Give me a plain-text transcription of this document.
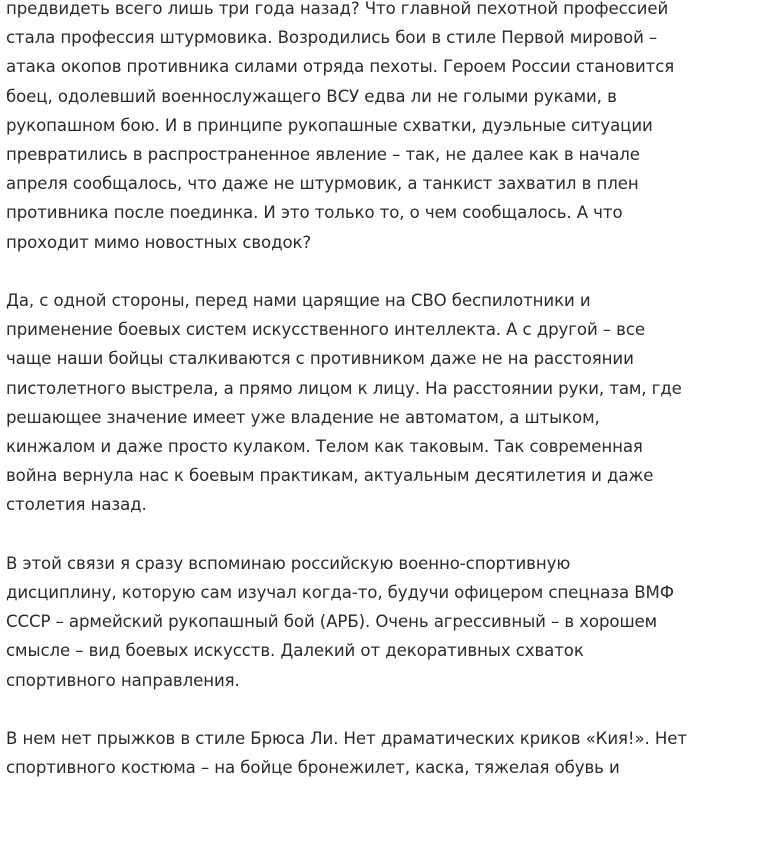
предвидеть всего лишь три года назад? Что главной пехотной профессией
стала профессия штурмовика. Возродились бои в стиле Первой мировой –
атака окопов противника силами отряда пехоты. Героем России становится
боец, одолевший военнослужащего ВСУ едва ли не голыми руками, в
рукопашном бою. И в принципе рукопашные схватки, дуэльные ситуации
превратились в распространенное явление – так, не далее как в начале
апреля сообщалось, что даже не штурмовик, а танкист захватил в плен
противника после поединка. И это только то, о чем сообщалось. А что
проходит мимо новостных сводок?

Да, с одной стороны, перед нами царящие на СВО беспилотники и
применение боевых систем искусственного интеллекта. А с другой – все
чаще наши бойцы сталкиваются с противником даже не на расстоянии
пистолетного выстрела, а прямо лицом к лицу. На расстоянии руки, там, где
решающее значение имеет уже владение не автоматом, а штыком,
кинжалом и даже просто кулаком. Телом как таковым. Так современная
война вернула нас к боевым практикам, актуальным десятилетия и даже
столетия назад.

В этой связи я сразу вспоминаю российскую военно-спортивную
дисциплину, которую сам изучал когда-то, будучи офицером спецназа ВМФ
СССР – армейский рукопашный бой (АРБ). Очень агрессивный – в хорошем
смысле – вид боевых искусств. Далекий от декоративных схваток
спортивного направления.

В нем нет прыжков в стиле Брюса Ли. Нет драматических криков «Кия!». Нет
спортивного костюма – на бойце бронежилет, каска, тяжелая обувь и
